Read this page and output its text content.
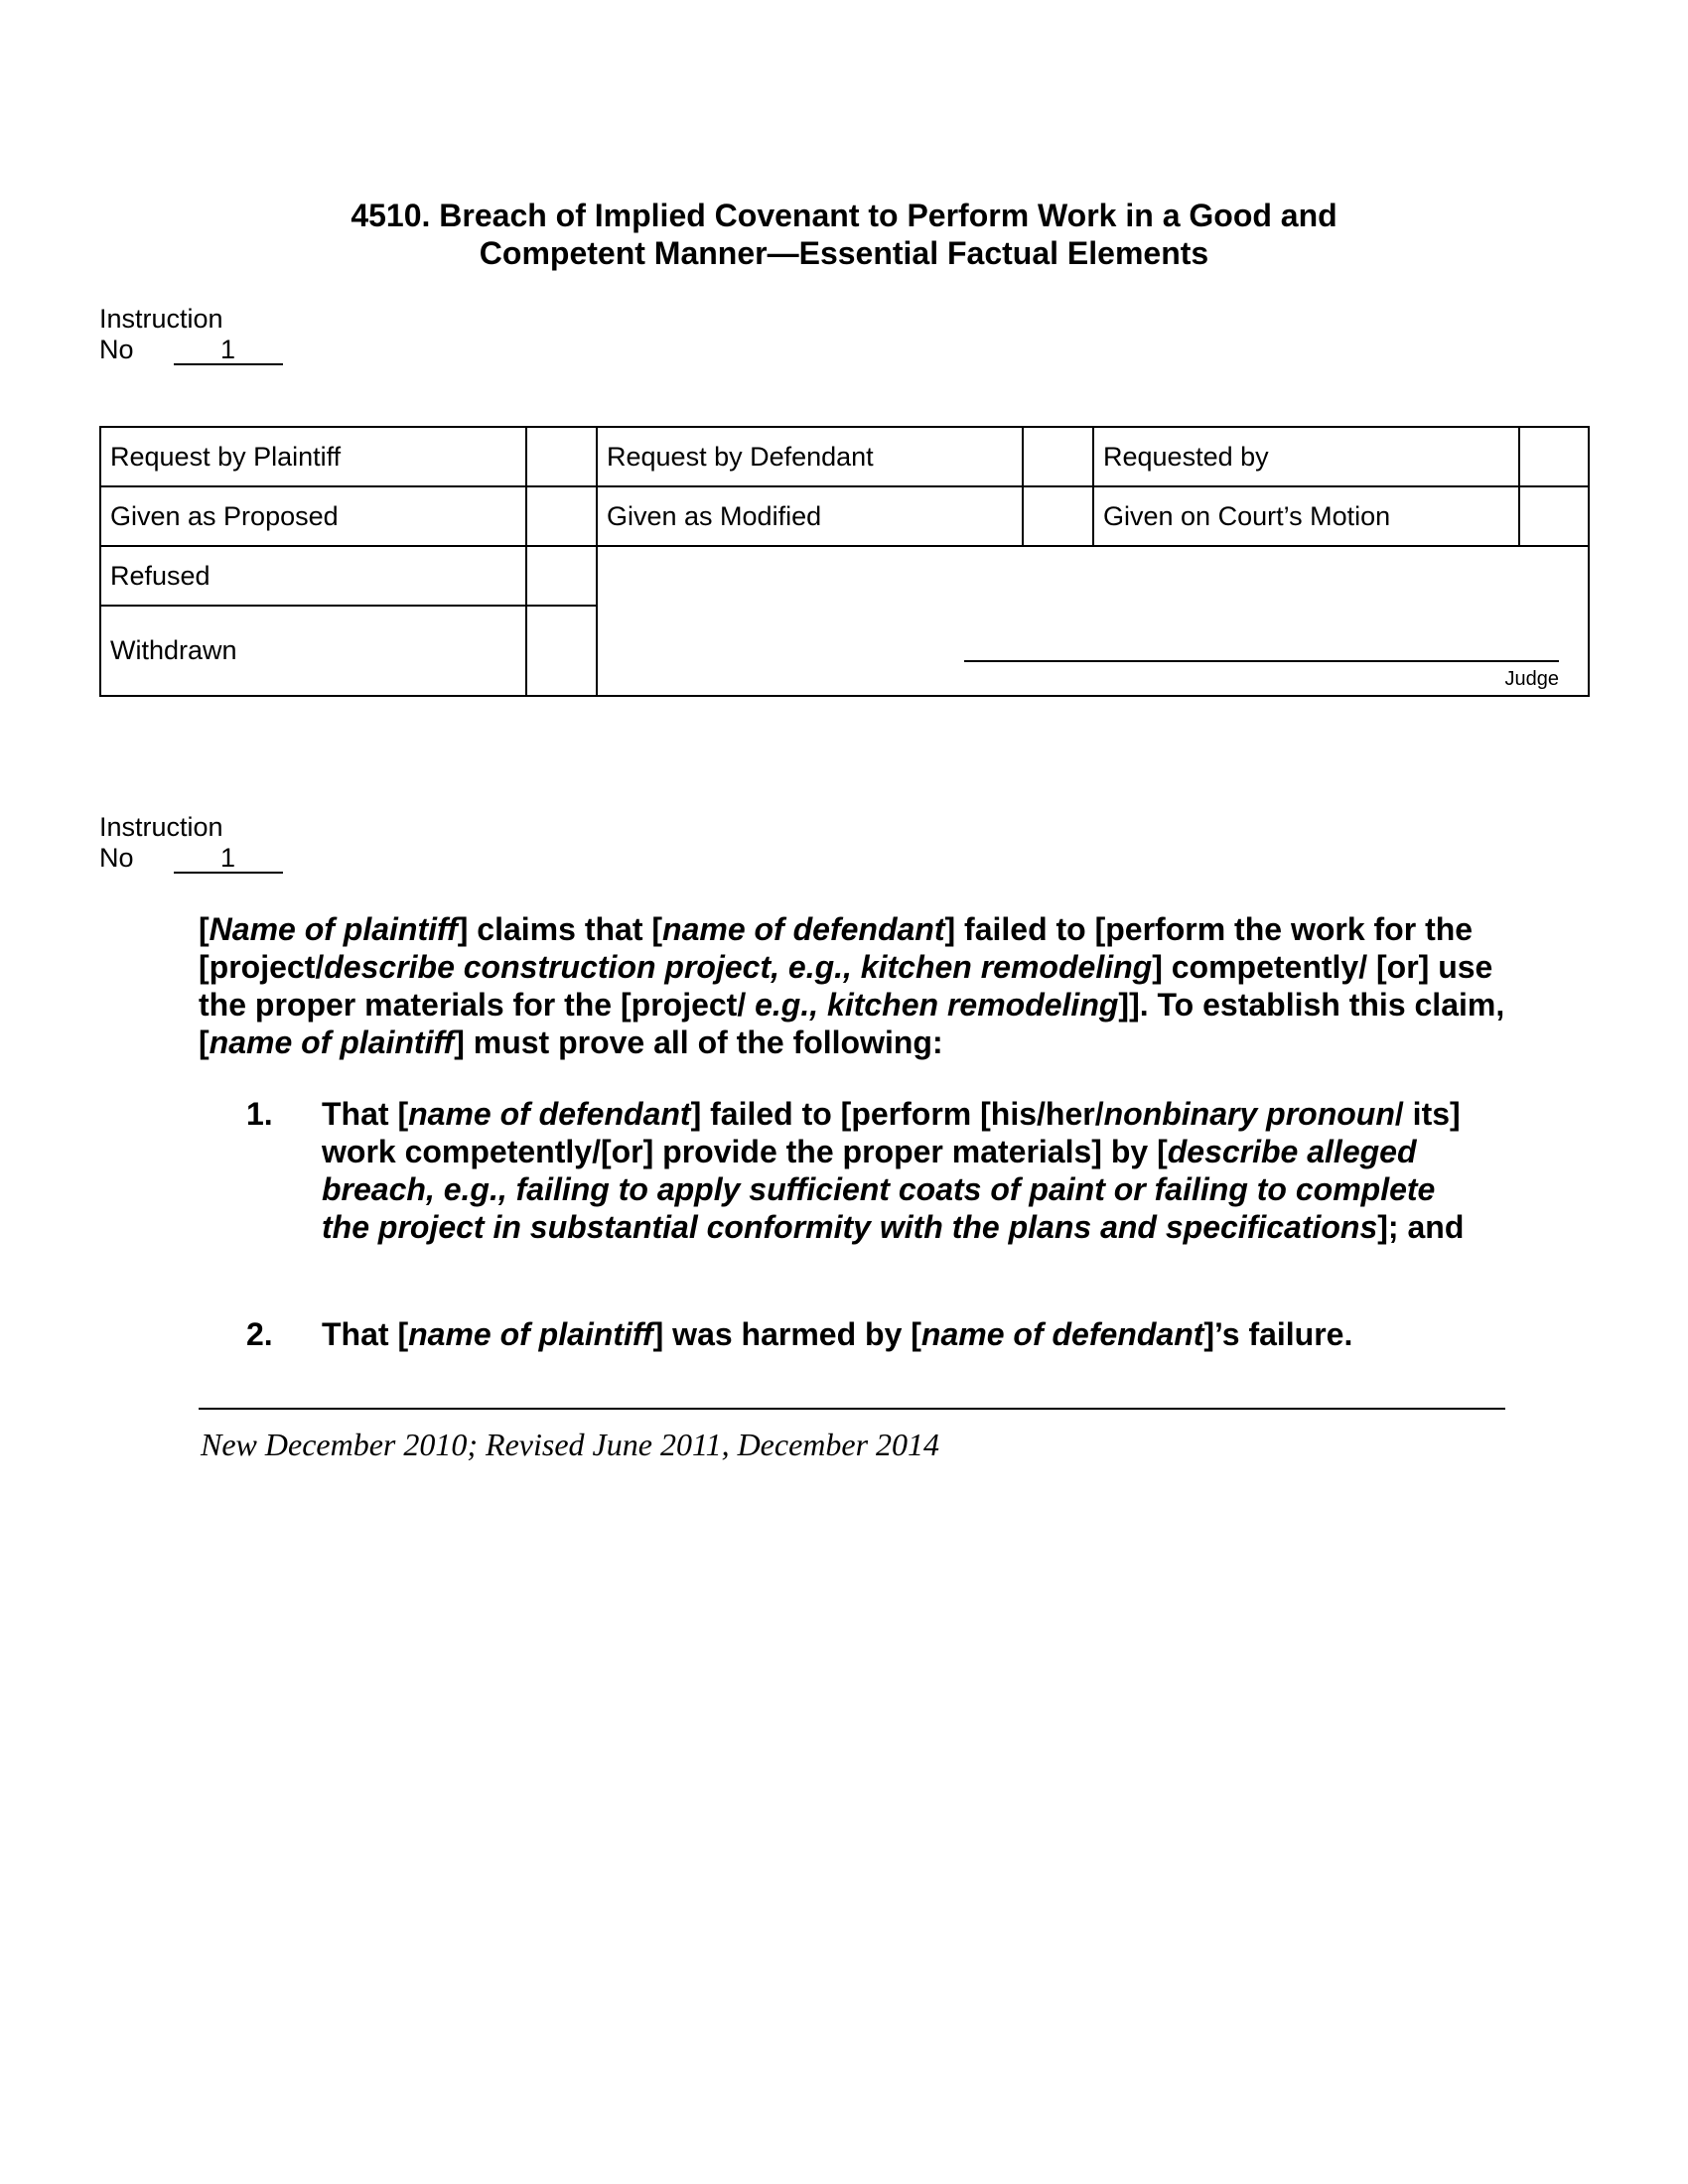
4510. Breach of Implied Covenant to Perform Work in a Good and
Competent Manner—Essential Factual Elements
Instruction
No	1
Request by Plaintiff		Request by Defendant		Requested by	
Given as Proposed		Given as Modified		Given on Court’s Motion	
Refused		Judge			

Withdrawn					
Instruction
No	1
[Name of plaintiff] claims that [name of defendant] failed to [perform the work for the [project/describe construction project, e.g., kitchen remodeling] competently/ [or] use the proper materials for the [project/ e.g., kitchen remodeling]]. To establish this claim, [name of plaintiff] must prove all of the following:
1. That [name of defendant] failed to [perform [his/her/nonbinary pronoun/ its] work competently/[or] provide the proper materials] by [describe alleged breach, e.g., failing to apply sufficient coats of paint or failing to complete the project in substantial conformity with the plans and specifications]; and
2. That [name of plaintiff] was harmed by [name of defendant]’s failure.
New December 2010; Revised June 2011, December 2014
